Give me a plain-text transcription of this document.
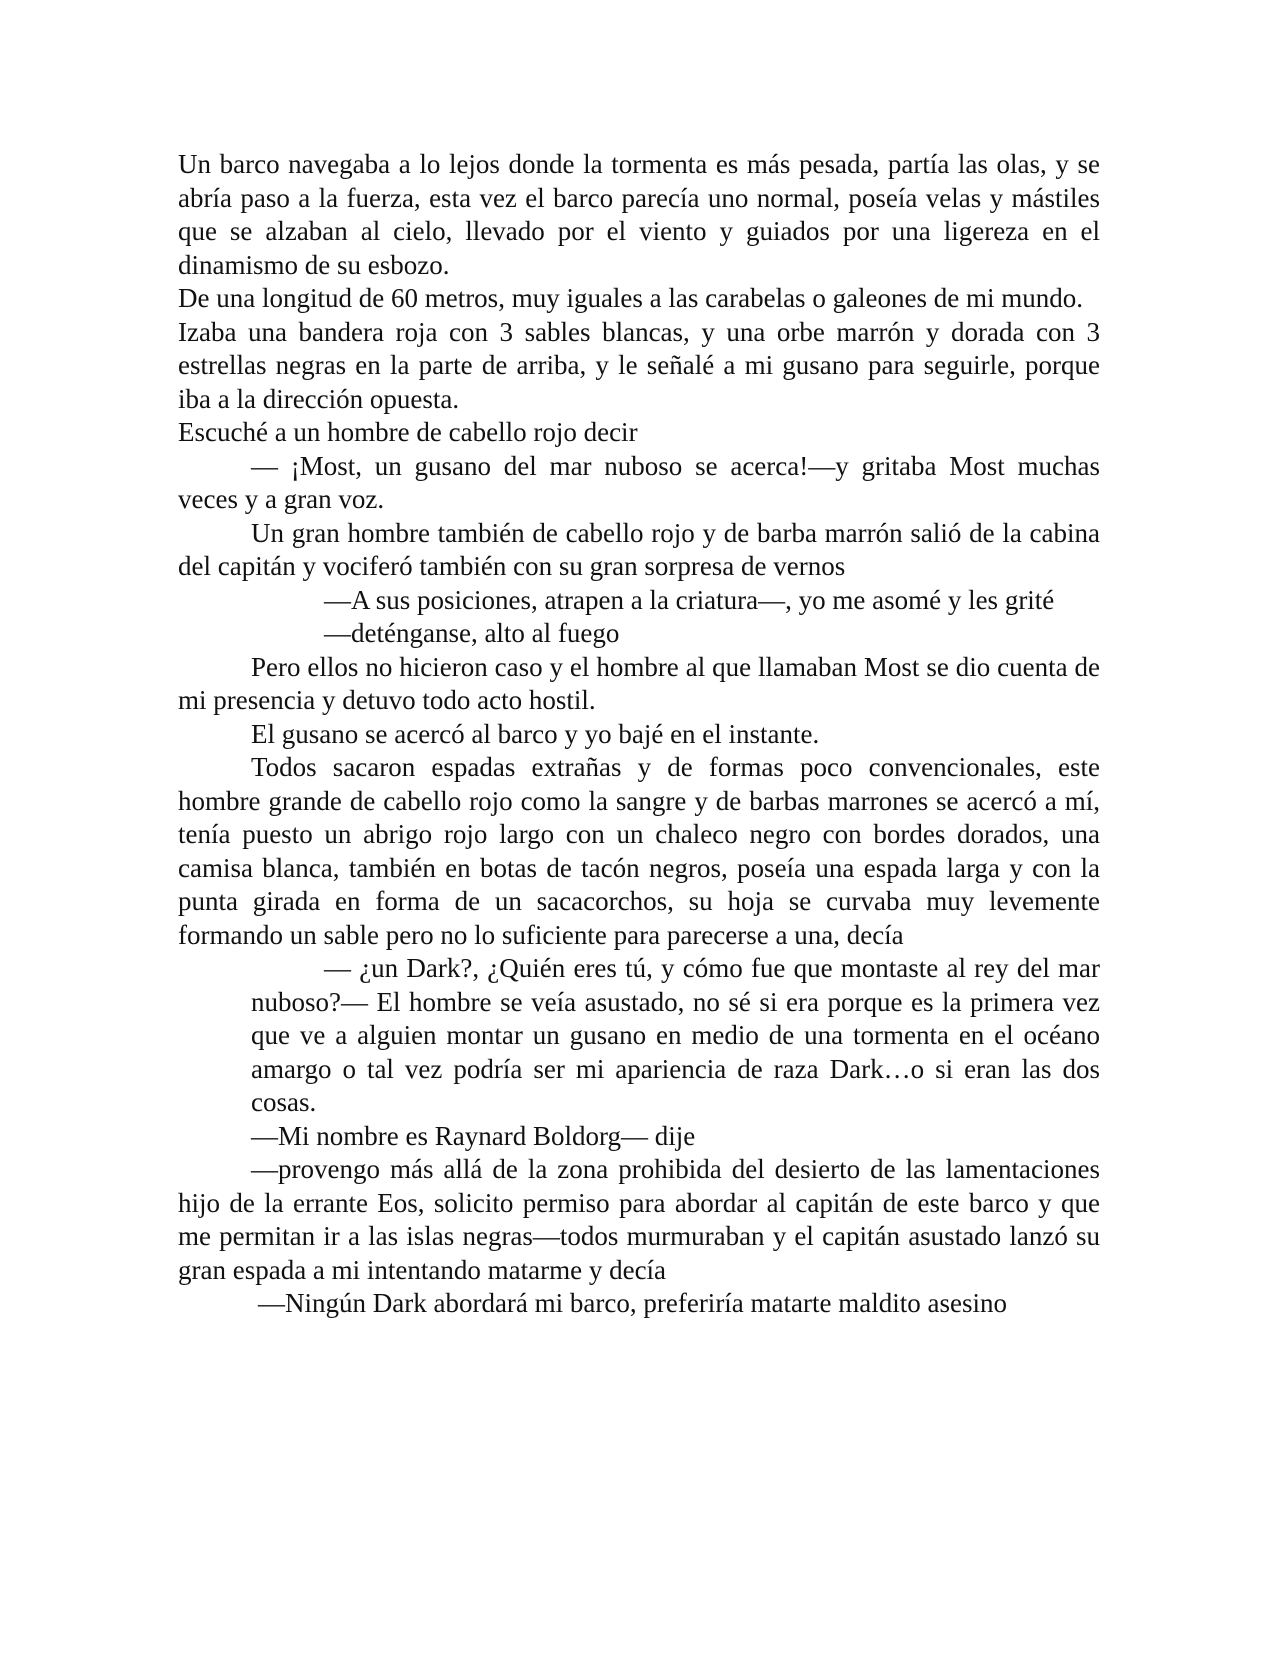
Un barco navegaba a lo lejos donde la tormenta es más pesada, partía las olas, y se abría paso a la fuerza, esta vez el barco parecía uno normal, poseía velas y mástiles que se alzaban al cielo, llevado por el viento y guiados por una ligereza en el dinamismo de su esbozo.

De una longitud de 60 metros, muy iguales a las carabelas o galeones de mi mundo.

Izaba una bandera roja con 3 sables blancas, y una orbe marrón y dorada con 3 estrellas negras en la parte de arriba, y le señalé a mi gusano para seguirle, porque iba a la dirección opuesta.

Escuché a un hombre de cabello rojo decir

— ¡Most, un gusano del mar nuboso se acerca!—y gritaba Most muchas veces y a gran voz.

Un gran hombre también de cabello rojo y de barba marrón salió de la cabina del capitán y vociferó también con su gran sorpresa de vernos

—A sus posiciones, atrapen a la criatura—, yo me asomé y les grité

—deténganse, alto al fuego

Pero ellos no hicieron caso y el hombre al que llamaban Most se dio cuenta de mi presencia y detuvo todo acto hostil.

El gusano se acercó al barco y yo bajé en el instante.

Todos sacaron espadas extrañas y de formas poco convencionales, este hombre grande de cabello rojo como la sangre y de barbas marrones se acercó a mí, tenía puesto un abrigo rojo largo con un chaleco negro con bordes dorados, una camisa blanca, también en botas de tacón negros, poseía una espada larga y con la punta girada en forma de un sacacorchos, su hoja se curvaba muy levemente formando un sable pero no lo suficiente para parecerse a una, decía

— ¿un Dark?, ¿Quién eres tú, y cómo fue que montaste al rey del mar nuboso?— El hombre se veía asustado, no sé si era porque es la primera vez que ve a alguien montar un gusano en medio de una tormenta en el océano amargo o tal vez podría ser mi apariencia de raza Dark…o si eran las dos cosas.

—Mi nombre es Raynard Boldorg— dije

—provengo más allá de la zona prohibida del desierto de las lamentaciones hijo de la errante Eos, solicito permiso para abordar al capitán de este barco y que me permitan ir a las islas negras—todos murmuraban y el capitán asustado lanzó su gran espada a mi intentando matarme y decía

—Ningún Dark abordará mi barco, preferiría matarte maldito asesino
